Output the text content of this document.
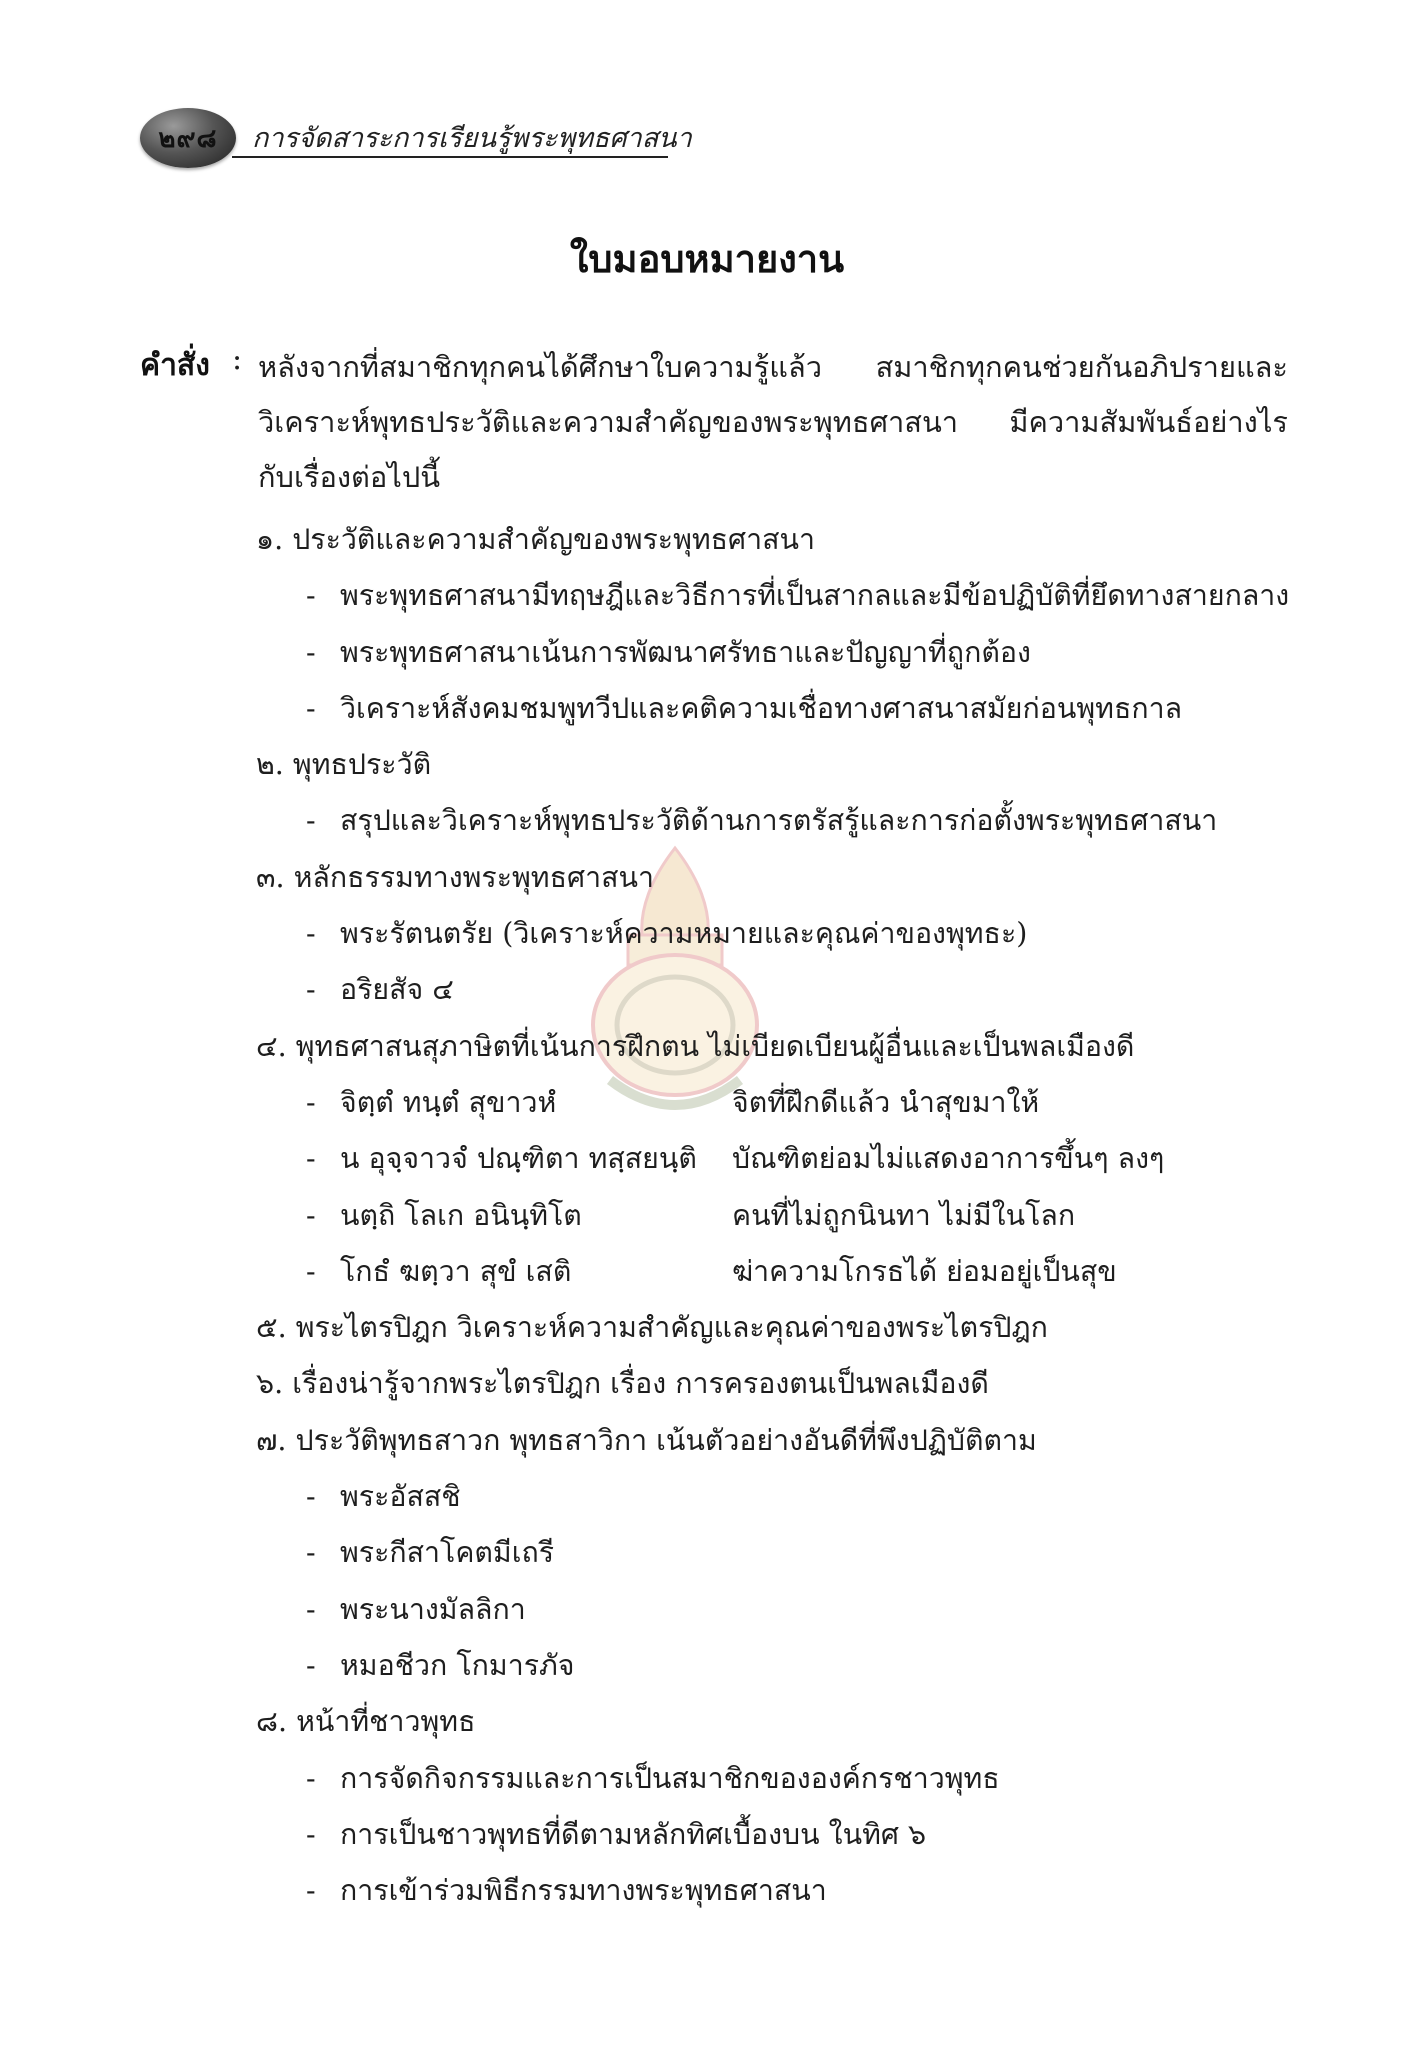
๒๙๘ การจัดสาระการเรียนรู้พระพุทธศาสนา
ใบมอบหมายงาน
คำสั่ง : หลังจากที่สมาชิกทุกคนได้ศึกษาใบความรู้แล้ว สมาชิกทุกคนช่วยกันอภิปรายและวิเคราะห์พุทธประวัติและความสำคัญของพระพุทธศาสนา มีความสัมพันธ์อย่างไร กับเรื่องต่อไปนี้
๑. ประวัติและความสำคัญของพระพุทธศาสนา
- พระพุทธศาสนามีทฤษฎีและวิธีการที่เป็นสากลและมีข้อปฏิบัติที่ยึดทางสายกลาง
- พระพุทธศาสนาเน้นการพัฒนาศรัทธาและปัญญาที่ถูกต้อง
- วิเคราะห์สังคมชมพูทวีปและคติความเชื่อทางศาสนาสมัยก่อนพุทธกาล
๒. พุทธประวัติ
- สรุปและวิเคราะห์พุทธประวัติด้านการตรัสรู้และการก่อตั้งพระพุทธศาสนา
๓. หลักธรรมทางพระพุทธศาสนา
- พระรัตนตรัย (วิเคราะห์ความหมายและคุณค่าของพุทธะ)
- อริยสัจ ๔
๔. พุทธศาสนสุภาษิตที่เน้นการฝึกตน ไม่เบียดเบียนผู้อื่นและเป็นพลเมืองดี
- จิตฺตํ ทนฺตํ สุขาวหํ	จิตที่ฝึกดีแล้ว นำสุขมาให้
- น อุจฺจาวจํ ปณฺฑิตา ทสฺสยนฺติ บัณฑิตย่อมไม่แสดงอาการขึ้นๆ ลงๆ
- นตฺถิ โลเก อนินฺทิโต	คนที่ไม่ถูกนินทา ไม่มีในโลก
- โกธํ ฆตฺวา สุขํ เสติ	ฆ่าความโกรธได้ ย่อมอยู่เป็นสุข
๕. พระไตรปิฎก วิเคราะห์ความสำคัญและคุณค่าของพระไตรปิฎก
๖. เรื่องน่ารู้จากพระไตรปิฎก เรื่อง การครองตนเป็นพลเมืองดี
๗. ประวัติพุทธสาวก พุทธสาวิกา เน้นตัวอย่างอันดีที่พึงปฏิบัติตาม
- พระอัสสชิ
- พระกีสาโคตมีเถรี
- พระนางมัลลิกา
- หมอชีวก โกมารภัจ
๘. หน้าที่ชาวพุทธ
- การจัดกิจกรรมและการเป็นสมาชิกขององค์กรชาวพุทธ
- การเป็นชาวพุทธที่ดีตามหลักทิศเบื้องบน ในทิศ ๖
- การเข้าร่วมพิธีกรรมทางพระพุทธศาสนา
